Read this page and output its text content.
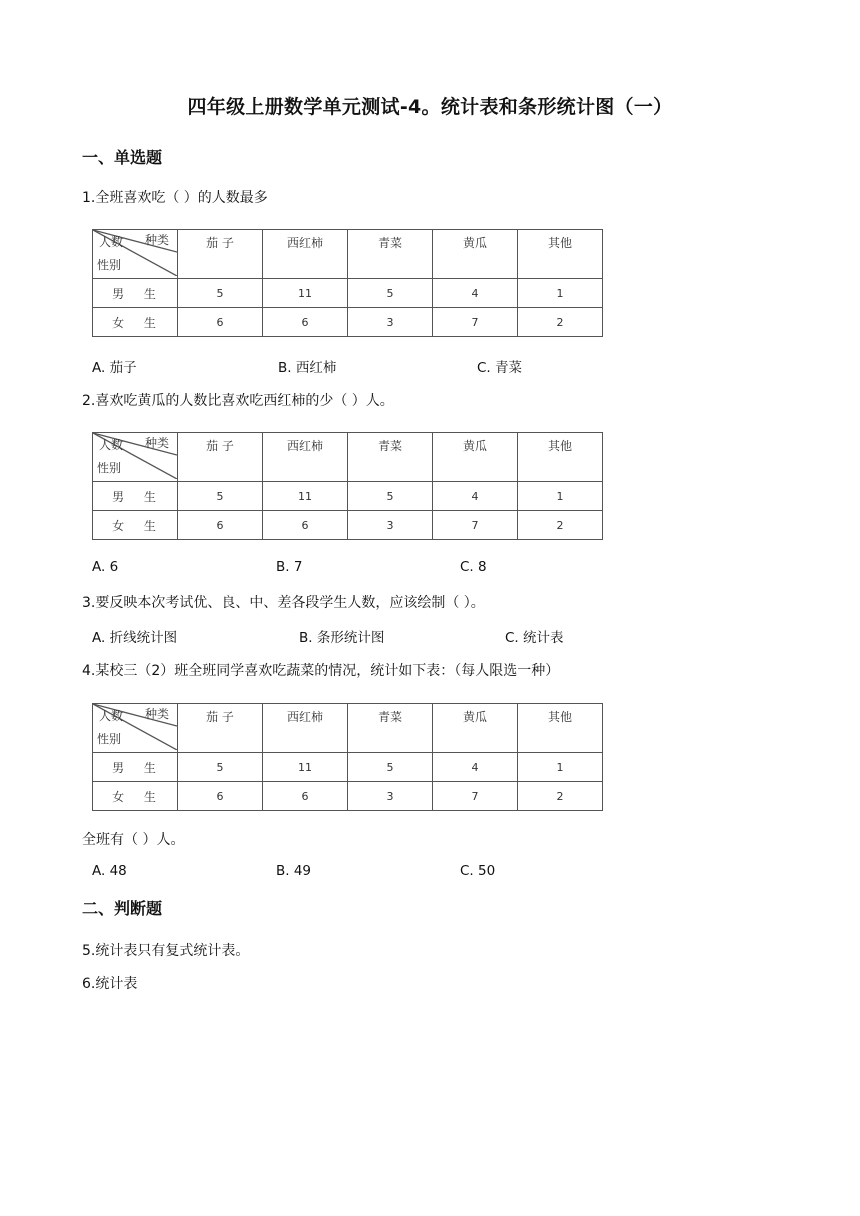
四年级上册数学单元测试-4。统计表和条形统计图（一）
一、单选题
1.全班喜欢吃（ ）的人数最多
人数 种类
性别	茄 子	西红柿	青菜	黄瓜	其他
男 生	5	11	5	4	1
女 生	6	6	3	7	2
A. 茄子	B. 西红柿	C. 青菜
2.喜欢吃黄瓜的人数比喜欢吃西红柿的少（ ）人。
人数 种类
性别	茄 子	西红柿	青菜	黄瓜	其他
男 生	5	11	5	4	1
女 生	6	6	3	7	2
A. 6	B. 7	C. 8
3.要反映本次考试优、良、中、差各段学生人数，应该绘制（ ）。
A. 折线统计图	B. 条形统计图	C. 统计表
4.某校三（2）班全班同学喜欢吃蔬菜的情况，统计如下表：（每人限选一种）
人数 种类
性别	茄 子	西红柿	青菜	黄瓜	其他
男 生	5	11	5	4	1
女 生	6	6	3	7	2
全班有（ ）人。
A. 48	B. 49	C. 50
二、判断题
5.统计表只有复式统计表。
6.统计表
